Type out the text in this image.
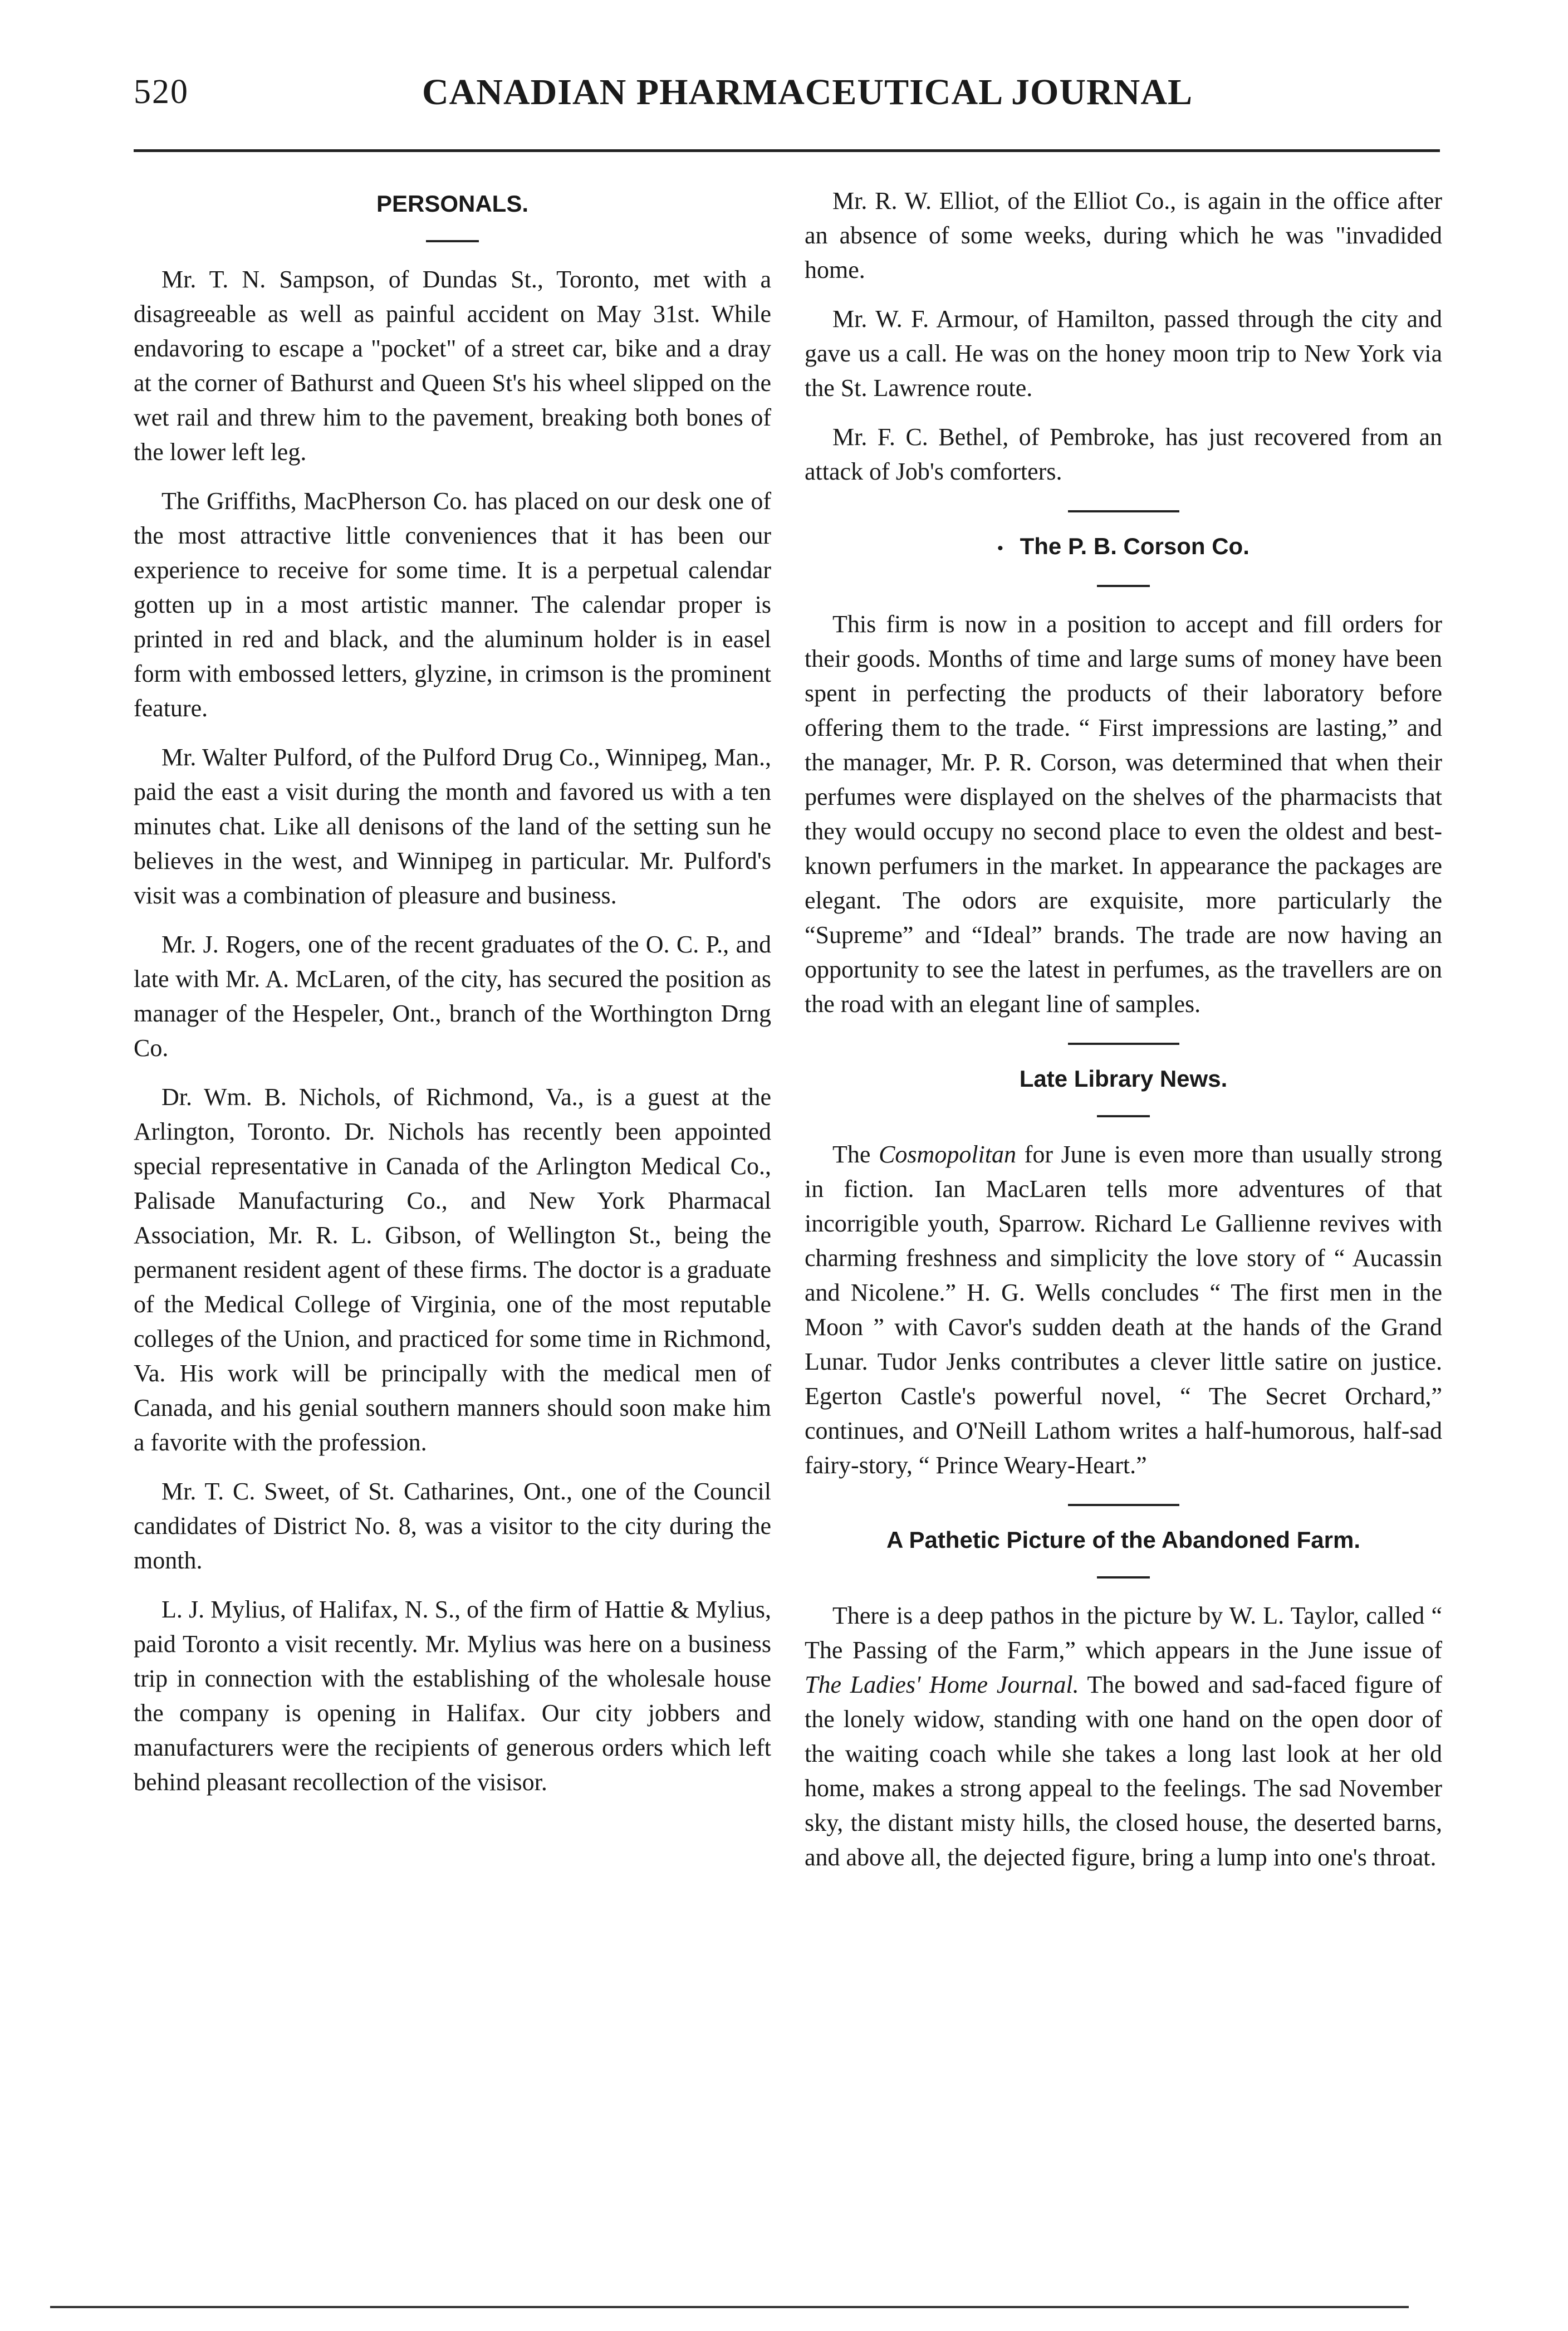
520	CANADIAN PHARMACEUTICAL JOURNAL
PERSONALS.

Mr. T. N. Sampson, of Dundas St., Toronto, met with a disagreeable as well as painful accident on May 31st. While endavoring to escape a "pocket" of a street car, bike and a dray at the corner of Bathurst and Queen St's his wheel slipped on the wet rail and threw him to the pavement, breaking both bones of the lower left leg.

The Griffiths, MacPherson Co. has placed on our desk one of the most attractive little conveniences that it has been our experience to receive for some time. It is a perpetual calendar gotten up in a most artistic manner. The calendar proper is printed in red and black, and the aluminum holder is in easel form with embossed letters, glyzine, in crimson is the prominent feature.

Mr. Walter Pulford, of the Pulford Drug Co., Winnipeg, Man., paid the east a visit during the month and favored us with a ten minutes chat. Like all denisons of the land of the setting sun he believes in the west, and Winnipeg in particular. Mr. Pulford's visit was a combination of pleasure and business.

Mr. J. Rogers, one of the recent graduates of the O. C. P., and late with Mr. A. McLaren, of the city, has secured the position as manager of the Hespeler, Ont., branch of the Worthington Drng Co.

Dr. Wm. B. Nichols, of Richmond, Va., is a guest at the Arlington, Toronto. Dr. Nichols has recently been appointed special representative in Canada of the Arlington Medical Co., Palisade Manufacturing Co., and New York Pharmacal Association, Mr. R. L. Gibson, of Wellington St., being the permanent resident agent of these firms. The doctor is a graduate of the Medical College of Virginia, one of the most reputable colleges of the Union, and practiced for some time in Richmond, Va. His work will be principally with the medical men of Canada, and his genial southern manners should soon make him a favorite with the profession.

Mr. T. C. Sweet, of St. Catharines, Ont., one of the Council candidates of District No. 8, was a visitor to the city during the month.

L. J. Mylius, of Halifax, N. S., of the firm of Hattie & Mylius, paid Toronto a visit recently. Mr. Mylius was here on a business trip in connection with the establishing of the wholesale house the company is opening in Halifax. Our city jobbers and manufacturers were the recipients of generous orders which left behind pleasant recollection of the visisor.

Mr. R. W. Elliot, of the Elliot Co., is again in the office after an absence of some weeks, during which he was "invadided home.

Mr. W. F. Armour, of Hamilton, passed through the city and gave us a call. He was on the honey moon trip to New York via the St. Lawrence route.

Mr. F. C. Bethel, of Pembroke, has just recovered from an attack of Job's comforters.

• The P. B. Corson Co.

This firm is now in a position to accept and fill orders for their goods. Months of time and large sums of money have been spent in perfecting the products of their laboratory before offering them to the trade. “ First impressions are lasting,” and the manager, Mr. P. R. Corson, was determined that when their perfumes were displayed on the shelves of the pharmacists that they would occupy no second place to even the oldest and best-known perfumers in the market. In appearance the packages are elegant. The odors are exquisite, more particularly the “Supreme” and “Ideal” brands. The trade are now having an opportunity to see the latest in perfumes, as the travellers are on the road with an elegant line of samples.

Late Library News.

The Cosmopolitan for June is even more than usually strong in fiction. Ian MacLaren tells more adventures of that incorrigible youth, Sparrow. Richard Le Gallienne revives with charming freshness and simplicity the love story of “ Aucassin and Nicolene.” H. G. Wells concludes “ The first men in the Moon ” with Cavor's sudden death at the hands of the Grand Lunar. Tudor Jenks contributes a clever little satire on justice. Egerton Castle's powerful novel, “ The Secret Orchard,” continues, and O'Neill Lathom writes a half-humorous, half-sad fairy-story, “ Prince Weary-Heart.”

A Pathetic Picture of the Abandoned Farm.

There is a deep pathos in the picture by W. L. Taylor, called “ The Passing of the Farm,” which appears in the June issue of The Ladies' Home Journal. The bowed and sad-faced figure of the lonely widow, standing with one hand on the open door of the waiting coach while she takes a long last look at her old home, makes a strong appeal to the feelings. The sad November sky, the distant misty hills, the closed house, the deserted barns, and above all, the dejected figure, bring a lump into one's throat.
